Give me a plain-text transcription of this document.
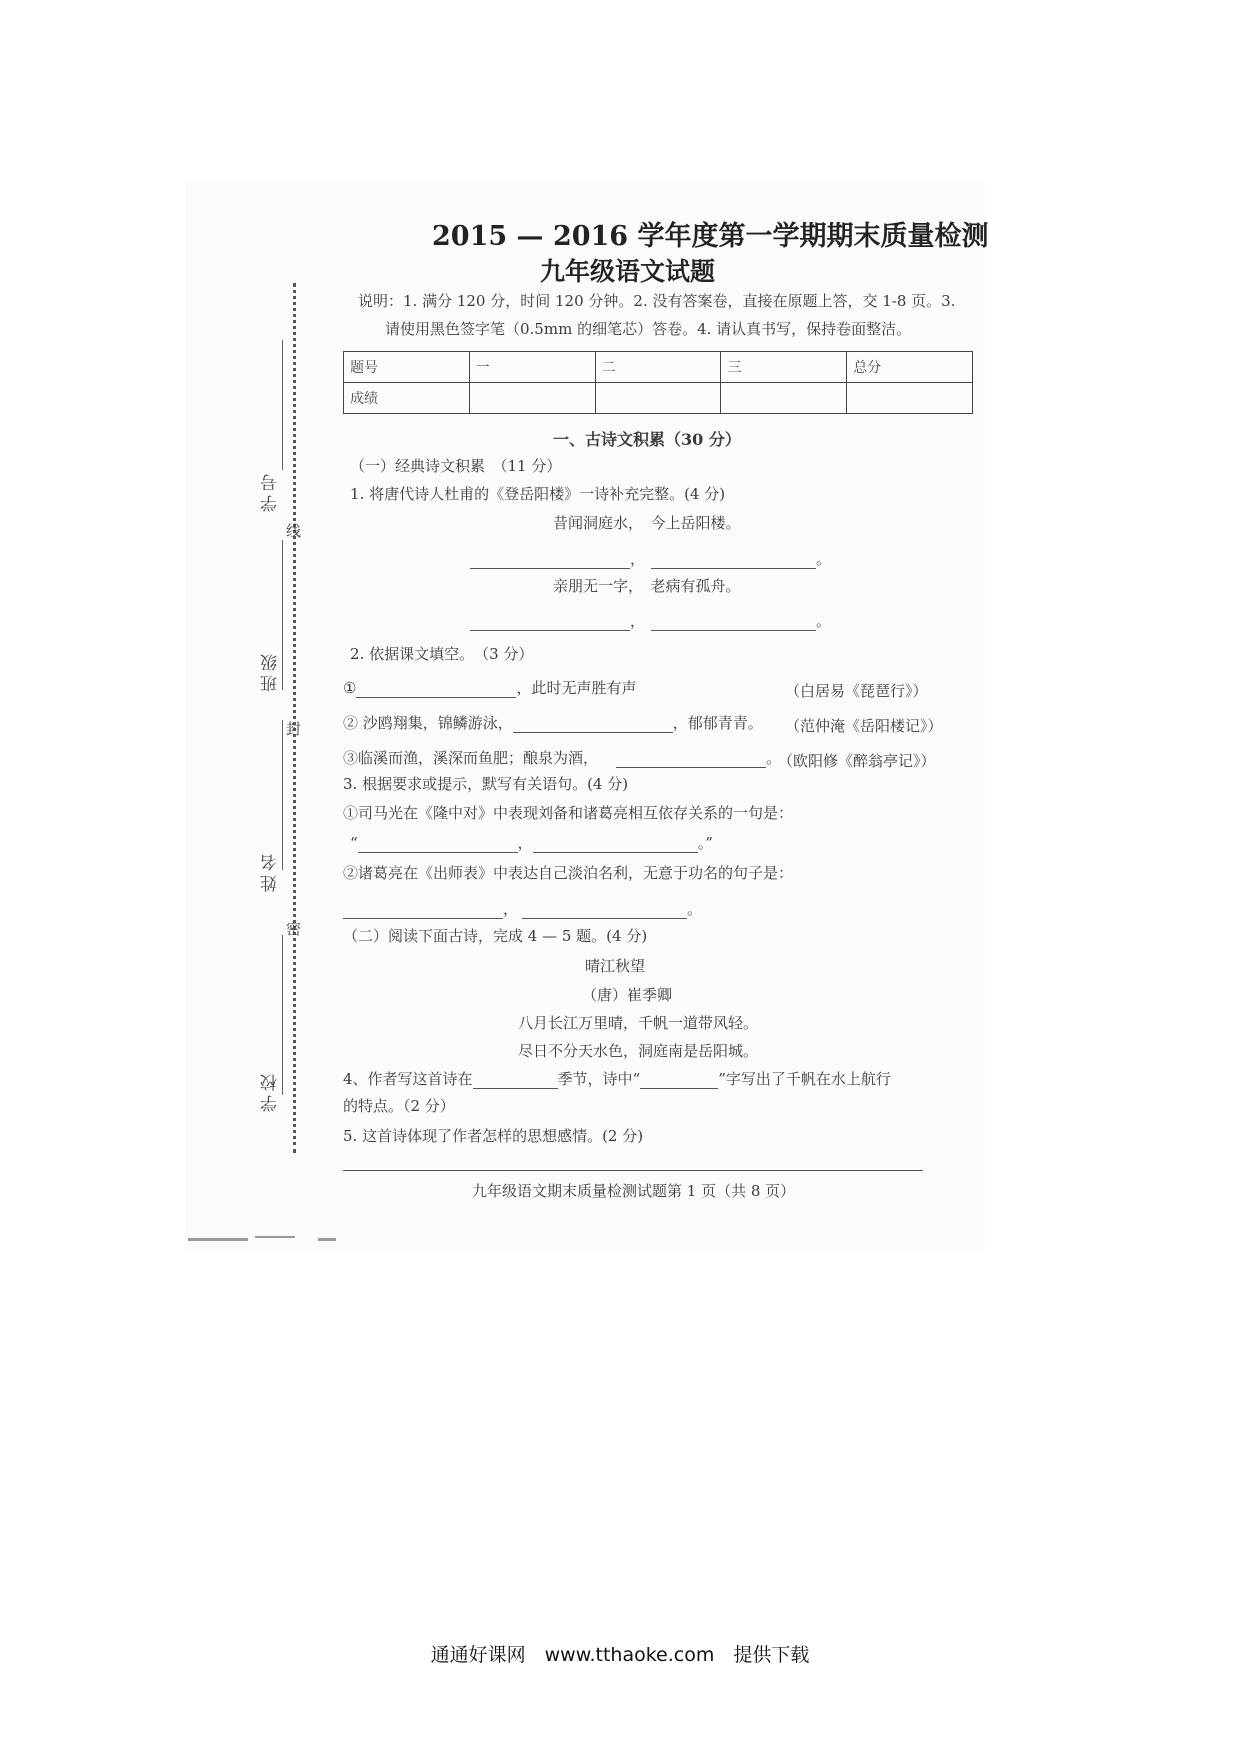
学号
班级
姓名
学校
线
封
密
2015 — 2016 学年度第一学期期末质量检测
九年级语文试题
说明：1. 满分 120 分，时间 120 分钟。2. 没有答案卷，直接在原题上答，交 1-8 页。3.
请使用黑色签字笔（0.5mm 的细笔芯）答卷。4. 请认真书写，保持卷面整洁。
题号	一	二	三	总分
成绩				
一、古诗文积累（30 分）
（一）经典诗文积累　（11 分）
1. 将唐代诗人杜甫的《登岳阳楼》一诗补充完整。(4 分)
昔闻洞庭水，　今上岳阳楼。
，	。
亲朋无一字，　老病有孤舟。
，	。
2. 依据课文填空。　（3 分）
①	，此时无声胜有声	（白居易《琵琶行》）
② 沙鸥翔集，锦鳞游泳，	，郁郁青青。 （范仲淹《岳阳楼记》）
③临溪而渔，溪深而鱼肥；酿泉为酒，	。
（欧阳修《醉翁亭记》）
3. 根据要求或提示，默写有关语句。(4 分)
①司马光在《隆中对》中表现刘备和诸葛亮相互依存关系的一句是：
“	，	。”
②诸葛亮在《出师表》中表达自己淡泊名利，无意于功名的句子是：
，	。
（二）阅读下面古诗，完成 4 — 5 题。(4 分)
晴江秋望
（唐）崔季卿
八月长江万里晴，千帆一道带风轻。
尽日不分天水色，洞庭南是岳阳城。
4、作者写这首诗在	季节，诗中“	”字写出了千帆在水上航行
的特点。（2 分）
5. 这首诗体现了作者怎样的思想感情。(2 分)
九年级语文期末质量检测试题第 1 页（共 8 页）
通通好课网　www.tthaoke.com　提供下载
